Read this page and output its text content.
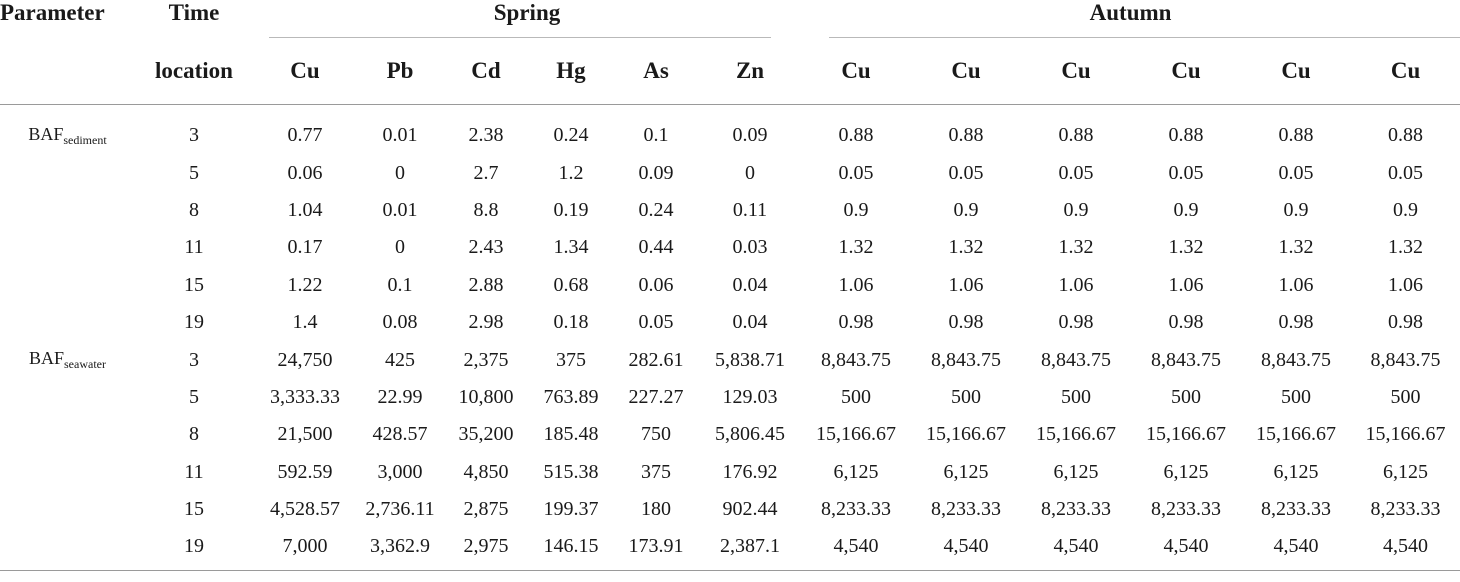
Parameter	Time	Spring						Autumn					

	location	Cu	Pb	Cd	Hg	As	Zn	Cu	Cu	Cu	Cu	Cu	Cu
$BAF_{sediment}$	3	0.77	0.01	2.38	0.24	0.1	0.09	0.88	0.88	0.88	0.88	0.88	0.88
	5	0.06	0	2.7	1.2	0.09	0	0.05	0.05	0.05	0.05	0.05	0.05
	8	1.04	0.01	8.8	0.19	0.24	0.11	0.9	0.9	0.9	0.9	0.9	0.9
	11	0.17	0	2.43	1.34	0.44	0.03	1.32	1.32	1.32	1.32	1.32	1.32
	15	1.22	0.1	2.88	0.68	0.06	0.04	1.06	1.06	1.06	1.06	1.06	1.06
	19	1.4	0.08	2.98	0.18	0.05	0.04	0.98	0.98	0.98	0.98	0.98	0.98
$BAF_{seawater}$	3	24,750	425	2,375	375	282.61	5,838.71	8,843.75	8,843.75	8,843.75	8,843.75	8,843.75	8,843.75
	5	3,333.33	22.99	10,800	763.89	227.27	129.03	500	500	500	500	500	500
	8	21,500	428.57	35,200	185.48	750	5,806.45	15,166.67	15,166.67	15,166.67	15,166.67	15,166.67	15,166.67
	11	592.59	3,000	4,850	515.38	375	176.92	6,125	6,125	6,125	6,125	6,125	6,125
	15	4,528.57	2,736.11	2,875	199.37	180	902.44	8,233.33	8,233.33	8,233.33	8,233.33	8,233.33	8,233.33
	19	7,000	3,362.9	2,975	146.15	173.91	2,387.1	4,540	4,540	4,540	4,540	4,540	4,540
